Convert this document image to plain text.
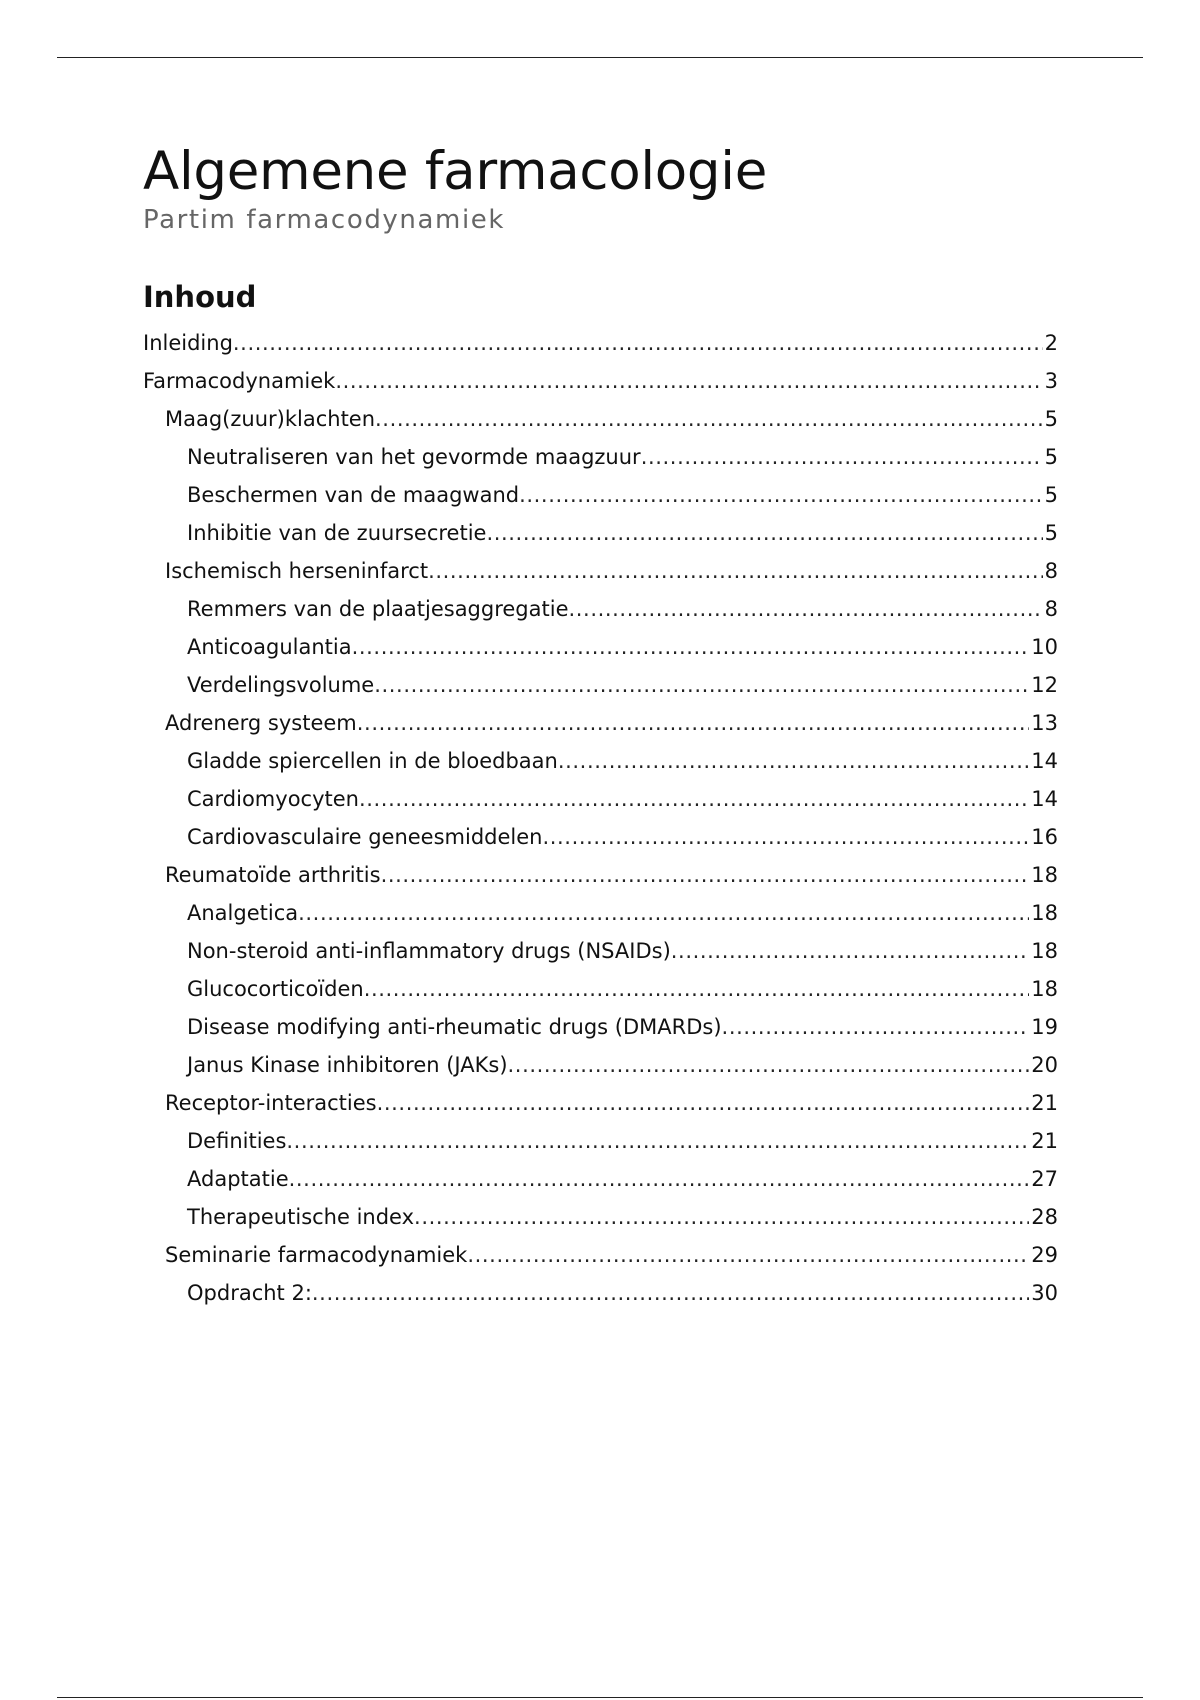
Algemene farmacologie

Partim farmacodynamiek

Inhoud
Inleiding .....	2
Farmacodynamiek .....	3
Maag(zuur)klachten .....	5
Neutraliseren van het gevormde maagzuur .....	5
Beschermen van de maagwand .....	5
Inhibitie van de zuursecretie .....	5
Ischemisch herseninfarct .....	8
Remmers van de plaatjesaggregatie .....	8
Anticoagulantia .....	10
Verdelingsvolume .....	12
Adrenerg systeem .....	13
Gladde spiercellen in de bloedbaan .....	14
Cardiomyocyten .....	14
Cardiovasculaire geneesmiddelen .....	16
Reumatoïde arthritis .....	18
Analgetica .....	18
Non-steroid anti-inflammatory drugs (NSAIDs) .....	18
Glucocorticoïden .....	18
Disease modifying anti-rheumatic drugs (DMARDs) .....	19
Janus Kinase inhibitoren (JAKs) .....	20
Receptor-interacties .....	21
Definities .....	21
Adaptatie .....	27
Therapeutische index .....	28
Seminarie farmacodynamiek .....	29
Opdracht 2: .....	30
